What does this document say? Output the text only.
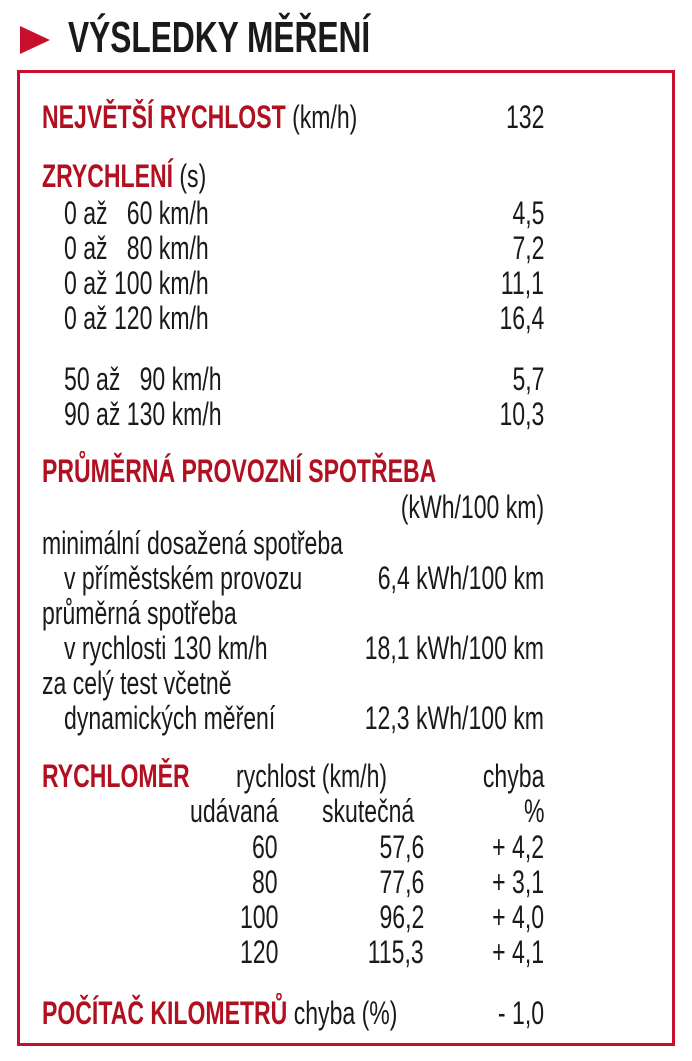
VÝSLEDKY MĚŘENÍ
NEJVĚTŠÍ RYCHLOST (km/h)	132
ZRYCHLENÍ (s)
0 až   60 km/h	4,5
0 až   80 km/h	7,2
0 až 100 km/h	11,1
0 až 120 km/h	16,4
50 až   90 km/h	5,7
90 až 130 km/h	10,3
PRŮMĚRNÁ PROVOZNÍ SPOTŘEBA
(kWh/100 km)
minimální dosažená spotřeba
v příměstském provozu	6,4 kWh/100 km
průměrná spotřeba
v rychlosti 130 km/h	18,1 kWh/100 km
za celý test včetně
dynamických měření	12,3 kWh/100 km
RYCHLOMĚR	rychlost (km/h)	chyba
udávaná	skutečná	%
60	57,6	+ 4,2
80	77,6	+ 3,1
100	96,2	+ 4,0
120	115,3	+ 4,1
POČÍTAČ KILOMETRŮ chyba (%)	- 1,0
